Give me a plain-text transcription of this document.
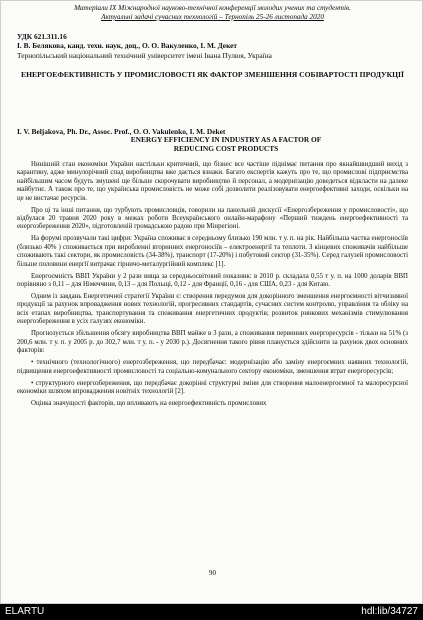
Матеріали ІХ Міжнародної науково-технічної конференції молодих учених та студентів.
Актуальні задачі сучасних технологій – Тернопіль 25-26 листопада 2020
УДК 621.311.16
І. В. Белякова, канд. техн. наук, доц., О. О. Вакуленко, І. М. Декет
Тернопільський національний технічний університет імені Івана Пулюя, Україна
ЕНЕРГОЕФЕКТИВНІСТЬ У ПРОМИСЛОВОСТІ ЯК ФАКТОР ЗМЕНШЕННЯ СОБІВАРТОСТІ ПРОДУКЦІЇ
I. V. Beljakova, Ph. Dr., Assoc. Prof., O. O. Vakulenko, I. M. Deket
ENERGY EFFICIENCY IN INDUSTRY AS A FACTOR OF REDUCING COST PRODUCTS

Нинішній стан економіки України настільки критичний, що бізнес все частіше піднімає питання про якнайшвидший вихід з карантину, адже минулорічний спад виробництва вже дається взнаки. Багато експертів кажуть про те, що промислові підприємства найбільшим часом будуть змушені ще більше скорочувати виробництво й персонал, а модернізацію доведеться відкласти на далеке майбутнє. А також про те, що українська промисловість не може собі дозволити реалізовувати енергоефективні заходи, оскільки на це не вистачає ресурсів.

Про ці та інші питання, що турбують промисловців, говорили на панельній дискусії «Енергозбереження у промисловості», що відбулася 20 травня 2020 року в межах роботи Всеукраїнського онлайн-марафону «Перший тиждень енергоефективності та енергозбереження 2020», підготовленій громадською радою при Мінрегіоні.

На форумі прозвучали такі цифри: Україна споживає в середньому близько 190 млн. т у. п. на рік. Найбільша частка енергоносіїв (близько 40% ) споживається при виробленні вторинних енергоносіїв – електроенергії та теплоти. З кінцевих споживачів найбільше споживають такі сектори, як промисловість (34-38%), транспорт (17-20%) і побутовий сектор (31-35%). Серед галузей промисловості більше половини енергії витрачає гірничо-металургійний комплекс [1].

Енергоємність ВВП України у 2 рази вища за середньосвітовий показник: в 2010 р. складала 0,55 т у. п. на 1000 доларів ВВП порівняно з 0,11 – для Німеччини, 0,13 – для Польщі, 0,12 - для Франції, 0,16 - для США, 0,23 - для Китаю.

Одним із завдань Енергетичної стратегії України є: створення передумов для докорінного зменшення енергоємності вітчизняної продукції за рахунок впровадження нових технологій, прогресивних стандартів, сучасних систем контролю, управління та обліку на всіх етапах виробництва, транспортування та споживання енергетичних продуктів; розвиток ринкових механізмів стимулювання енергозбереження в усіх галузях економіки.

Прогнозується збільшення обсягу виробництва ВВП майже в 3 рази, а споживання первинних енергоресурсів - тільки на 51% (з 200,6 млн. т у. п. у 2005 р. до 302,7 млн. т у. п. - у 2030 р.). Досягнення такого рівня планується здійснити за рахунок двох основних факторів:

• технічного (технологічного) енергозбереження, що передбачає: модернізацію або заміну енергоємних наявних технологій, підвищення енергоефективності промисловості та соціально-комунального сектору економіки, зменшення втрат енергоресурсів;

• структурного енергозбереження, що передбачає докорінні структурні зміни для створення малоенергоємної та малоресурсної економіки шляхом впровадження новітніх технологій [2].

Оцінка значущості факторів, що впливають на енергоефективність промислових

90
ELARTU	hdl:lib/34727
